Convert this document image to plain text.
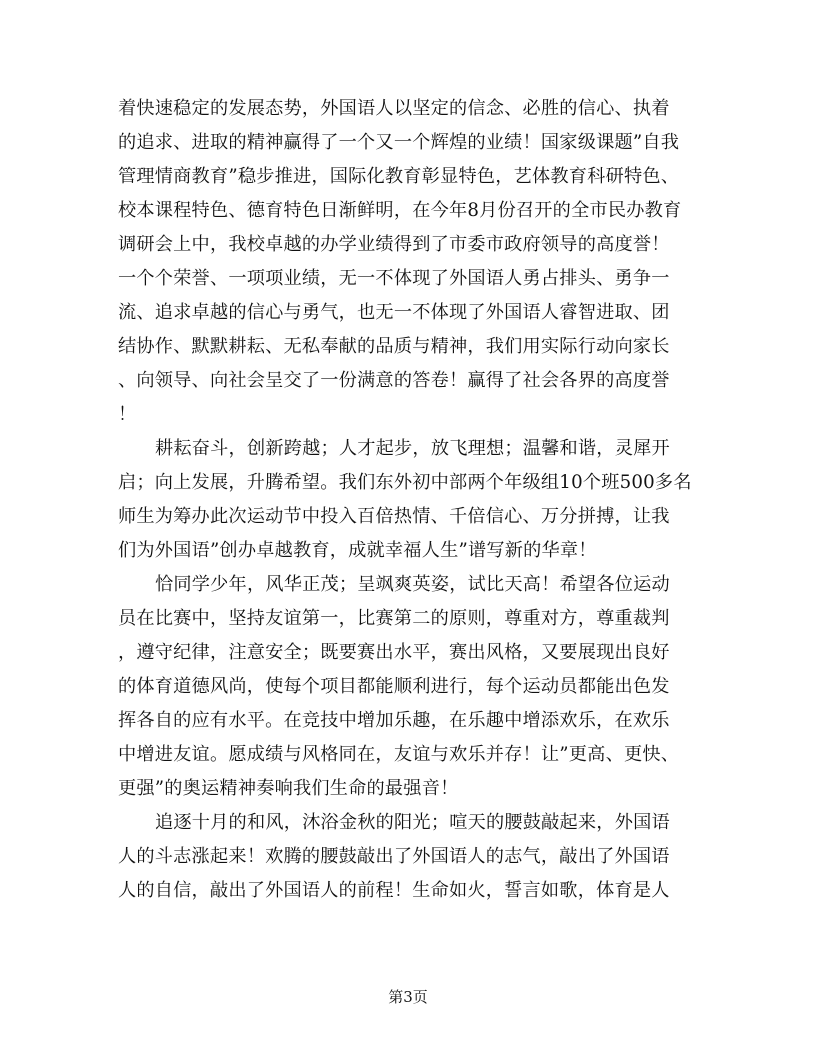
着快速稳定的发展态势，外国语人以坚定的信念、必胜的信心、执着
的追求、进取的精神赢得了一个又一个辉煌的业绩！国家级课题”自我
管理情商教育”稳步推进，国际化教育彰显特色，艺体教育科研特色、
校本课程特色、德育特色日渐鲜明，在今年8月份召开的全市民办教育
调研会上中，我校卓越的办学业绩得到了市委市政府领导的高度誉！
一个个荣誉、一项项业绩，无一不体现了外国语人勇占排头、勇争一
流、追求卓越的信心与勇气，也无一不体现了外国语人睿智进取、团
结协作、默默耕耘、无私奉献的品质与精神，我们用实际行动向家长
、向领导、向社会呈交了一份满意的答卷！赢得了社会各界的高度誉
！
耕耘奋斗，创新跨越；人才起步，放飞理想；温馨和谐，灵犀开
启；向上发展，升腾希望。我们东外初中部两个年级组10个班500多名
师生为筹办此次运动节中投入百倍热情、千倍信心、万分拼搏，让我
们为外国语”创办卓越教育，成就幸福人生”谱写新的华章！
恰同学少年，风华正茂；呈飒爽英姿，试比天高！希望各位运动
员在比赛中，坚持友谊第一，比赛第二的原则，尊重对方，尊重裁判
，遵守纪律，注意安全；既要赛出水平，赛出风格，又要展现出良好
的体育道德风尚，使每个项目都能顺利进行，每个运动员都能出色发
挥各自的应有水平。在竞技中增加乐趣，在乐趣中增添欢乐，在欢乐
中增进友谊。愿成绩与风格同在，友谊与欢乐并存！让”更高、更快、
更强”的奥运精神奏响我们生命的最强音！
追逐十月的和风，沐浴金秋的阳光；喧天的腰鼓敲起来，外国语
人的斗志涨起来！欢腾的腰鼓敲出了外国语人的志气，敲出了外国语
人的自信，敲出了外国语人的前程！生命如火，誓言如歌，体育是人
第3页
